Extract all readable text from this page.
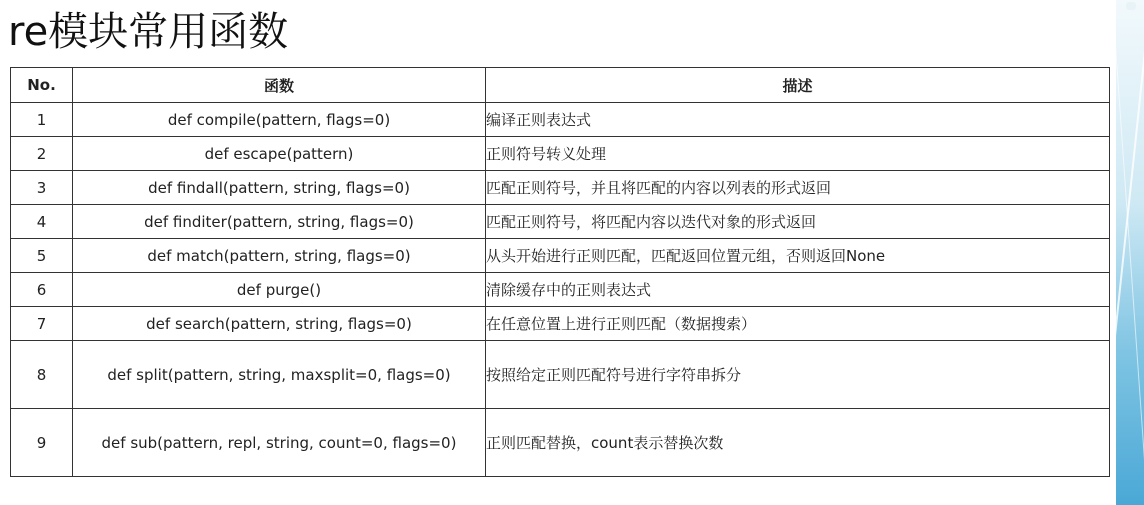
re模块常用函数
No.	函数	描述
1	def compile(pattern, flags=0)	编译正则表达式
2	def escape(pattern)	正则符号转义处理
3	def findall(pattern, string, flags=0)	匹配正则符号，并且将匹配的内容以列表的形式返回
4	def finditer(pattern, string, flags=0)	匹配正则符号，将匹配内容以迭代对象的形式返回
5	def match(pattern, string, flags=0)	从头开始进行正则匹配，匹配返回位置元组，否则返回None
6	def purge()	清除缓存中的正则表达式
7	def search(pattern, string, flags=0)	在任意位置上进行正则匹配（数据搜索）
8	def split(pattern, string, maxsplit=0, flags=0)	按照给定正则匹配符号进行字符串拆分
9	def sub(pattern, repl, string, count=0, flags=0)	正则匹配替换，count表示替换次数
